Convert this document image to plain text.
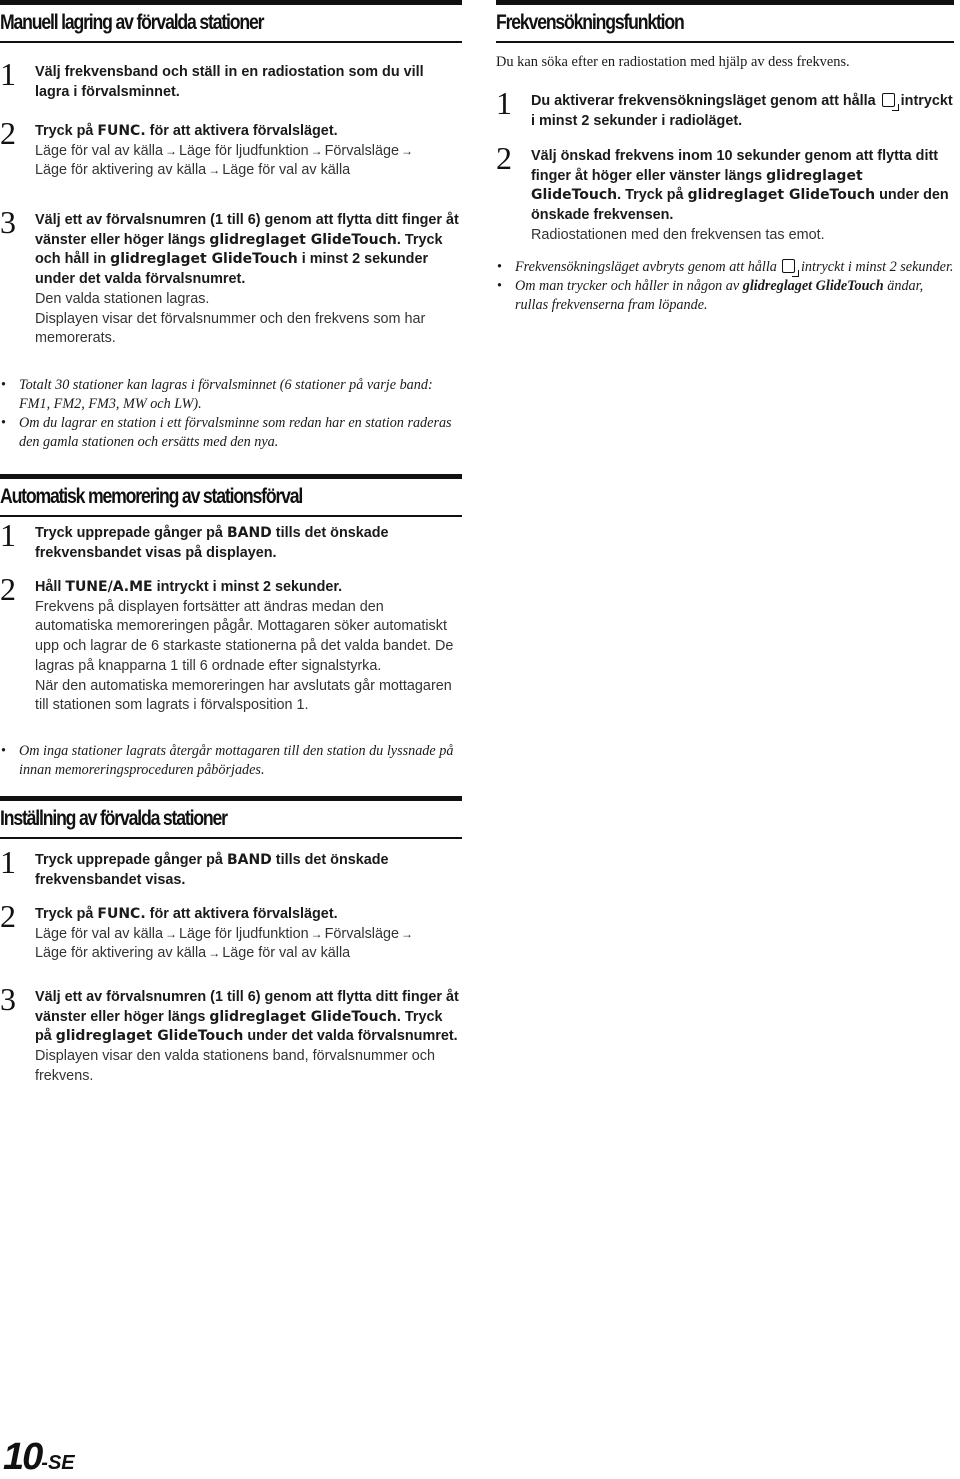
Manuell lagring av förvalda stationer
1 Välj frekvensband och ställ in en radiostation som du vill lagra i förvalsminnet.
2 Tryck på FUNC. för att aktivera förvalsläget.
Läge för val av källa → Läge för ljudfunktion → Förvalsläge →
Läge för aktivering av källa → Läge för val av källa
3 Välj ett av förvalsnumren (1 till 6) genom att flytta ditt finger åt vänster eller höger längs glidreglaget GlideTouch. Tryck och håll in glidreglaget GlideTouch i minst 2 sekunder under det valda förvalsnumret.
Den valda stationen lagras.
Displayen visar det förvalsnummer och den frekvens som har memorerats.
• Totalt 30 stationer kan lagras i förvalsminnet (6 stationer på varje band: FM1, FM2, FM3, MW och LW).
• Om du lagrar en station i ett förvalsminne som redan har en station raderas den gamla stationen och ersätts med den nya.
Automatisk memorering av stationsförval
1 Tryck upprepade gånger på BAND tills det önskade frekvensbandet visas på displayen.
2 Håll TUNE/A.ME intryckt i minst 2 sekunder.
Frekvens på displayen fortsätter att ändras medan den automatiska memoreringen pågår. Mottagaren söker automatiskt upp och lagrar de 6 starkaste stationerna på det valda bandet. De lagras på knapparna 1 till 6 ordnade efter signalstyrka.
När den automatiska memoreringen har avslutats går mottagaren till stationen som lagrats i förvalsposition 1.
• Om inga stationer lagrats återgår mottagaren till den station du lyssnade på innan memoreringsproceduren påbörjades.
Inställning av förvalda stationer
1 Tryck upprepade gånger på BAND tills det önskade frekvensbandet visas.
2 Tryck på FUNC. för att aktivera förvalsläget.
Läge för val av källa → Läge för ljudfunktion → Förvalsläge →
Läge för aktivering av källa → Läge för val av källa
3 Välj ett av förvalsnumren (1 till 6) genom att flytta ditt finger åt vänster eller höger längs glidreglaget GlideTouch. Tryck på glidreglaget GlideTouch under det valda förvalsnumret.
Displayen visar den valda stationens band, förvalsnummer och frekvens.
Frekvensökningsfunktion
Du kan söka efter en radiostation med hjälp av dess frekvens.
1 Du aktiverar frekvensökningsläget genom att hålla  intryckt i minst 2 sekunder i radioläget.
2 Välj önskad frekvens inom 10 sekunder genom att flytta ditt finger åt höger eller vänster längs glidreglaget GlideTouch. Tryck på glidreglaget GlideTouch under den önskade frekvensen.
Radiostationen med den frekvensen tas emot.
• Frekvensökningsläget avbryts genom att hålla  intryckt i minst 2 sekunder.
• Om man trycker och håller in någon av glidreglaget GlideTouch ändar, rullas frekvenserna fram löpande.
10-SE
